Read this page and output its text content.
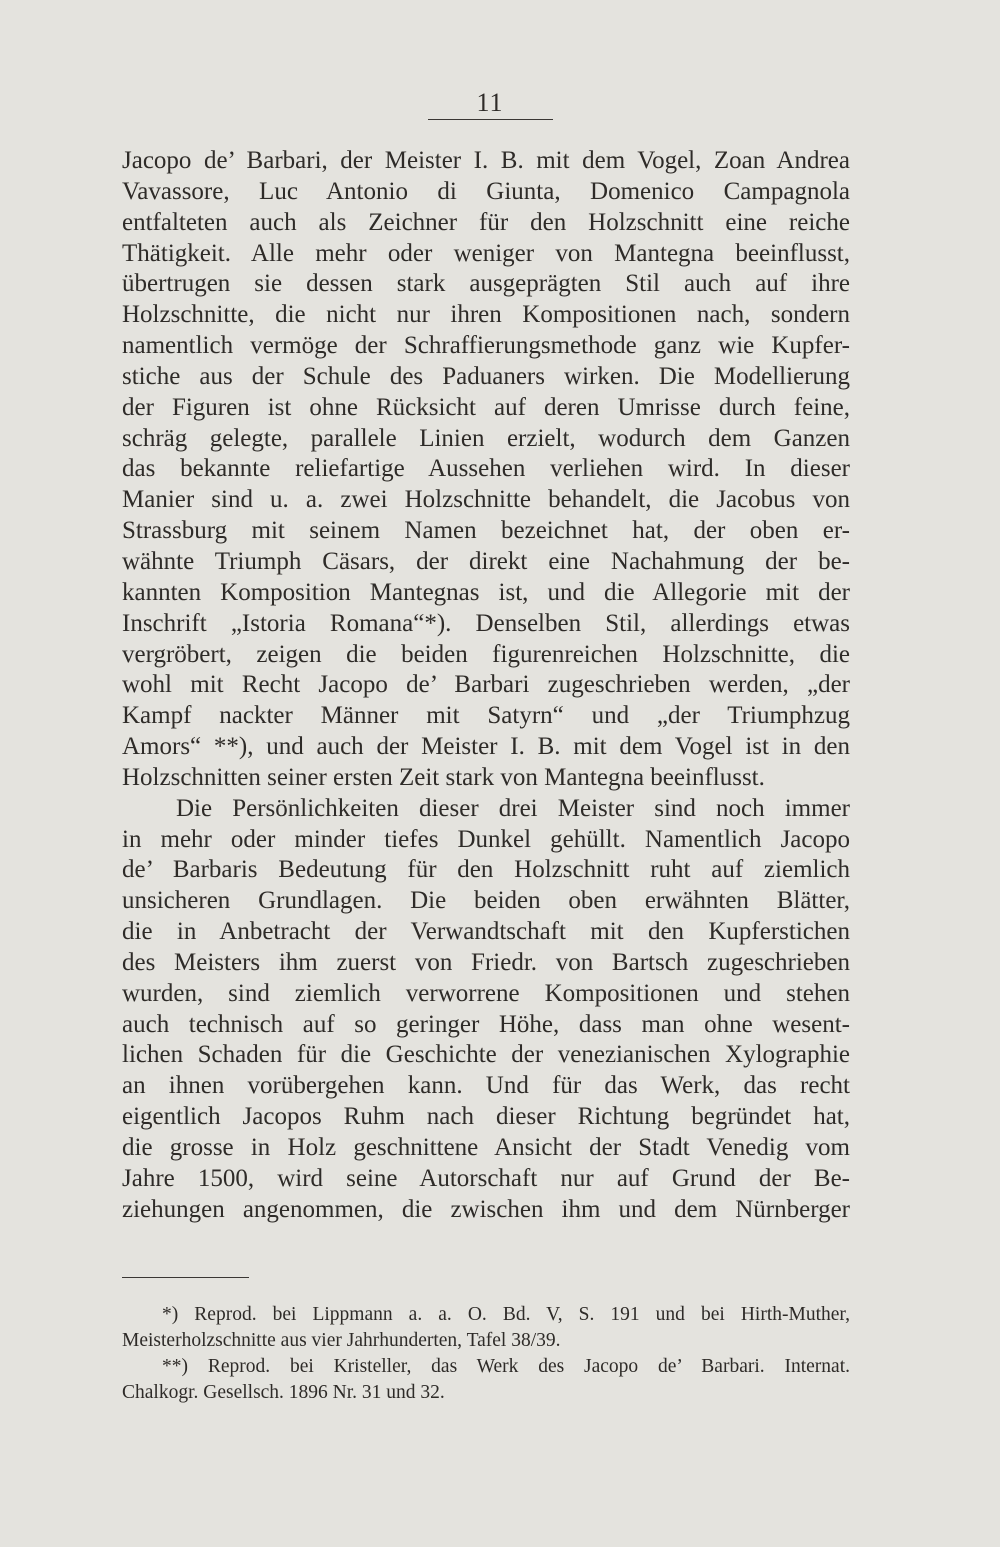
11
Jacopo de’ Barbari, der Meister I. B. mit dem Vogel, Zoan Andrea
Vavassore, Luc Antonio di Giunta, Domenico Campagnola
entfalteten auch als Zeichner für den Holzschnitt eine reiche
Thätigkeit. Alle mehr oder weniger von Mantegna beeinflusst,
übertrugen sie dessen stark ausgeprägten Stil auch auf ihre
Holzschnitte, die nicht nur ihren Kompositionen nach, sondern
namentlich vermöge der Schraffierungsmethode ganz wie Kupfer-
stiche aus der Schule des Paduaners wirken. Die Modellierung
der Figuren ist ohne Rücksicht auf deren Umrisse durch feine,
schräg gelegte, parallele Linien erzielt, wodurch dem Ganzen
das bekannte reliefartige Aussehen verliehen wird. In dieser
Manier sind u. a. zwei Holzschnitte behandelt, die Jacobus von
Strassburg mit seinem Namen bezeichnet hat, der oben er-
wähnte Triumph Cäsars, der direkt eine Nachahmung der be-
kannten Komposition Mantegnas ist, und die Allegorie mit der
Inschrift „Istoria Romana“*). Denselben Stil, allerdings etwas
vergröbert, zeigen die beiden figurenreichen Holzschnitte, die
wohl mit Recht Jacopo de’ Barbari zugeschrieben werden, „der
Kampf nackter Männer mit Satyrn“ und „der Triumphzug
Amors“ **), und auch der Meister I. B. mit dem Vogel ist in den
Holzschnitten seiner ersten Zeit stark von Mantegna beeinflusst.
Die Persönlichkeiten dieser drei Meister sind noch immer
in mehr oder minder tiefes Dunkel gehüllt. Namentlich Jacopo
de’ Barbaris Bedeutung für den Holzschnitt ruht auf ziemlich
unsicheren Grundlagen. Die beiden oben erwähnten Blätter,
die in Anbetracht der Verwandtschaft mit den Kupferstichen
des Meisters ihm zuerst von Friedr. von Bartsch zugeschrieben
wurden, sind ziemlich verworrene Kompositionen und stehen
auch technisch auf so geringer Höhe, dass man ohne wesent-
lichen Schaden für die Geschichte der venezianischen Xylographie
an ihnen vorübergehen kann. Und für das Werk, das recht
eigentlich Jacopos Ruhm nach dieser Richtung begründet hat,
die grosse in Holz geschnittene Ansicht der Stadt Venedig vom
Jahre 1500, wird seine Autorschaft nur auf Grund der Be-
ziehungen angenommen, die zwischen ihm und dem Nürnberger
*) Reprod. bei Lippmann a. a. O. Bd. V, S. 191 und bei Hirth-Muther,
Meisterholzschnitte aus vier Jahrhunderten, Tafel 38/39.
**) Reprod. bei Kristeller, das Werk des Jacopo de’ Barbari. Internat.
Chalkogr. Gesellsch. 1896 Nr. 31 und 32.
